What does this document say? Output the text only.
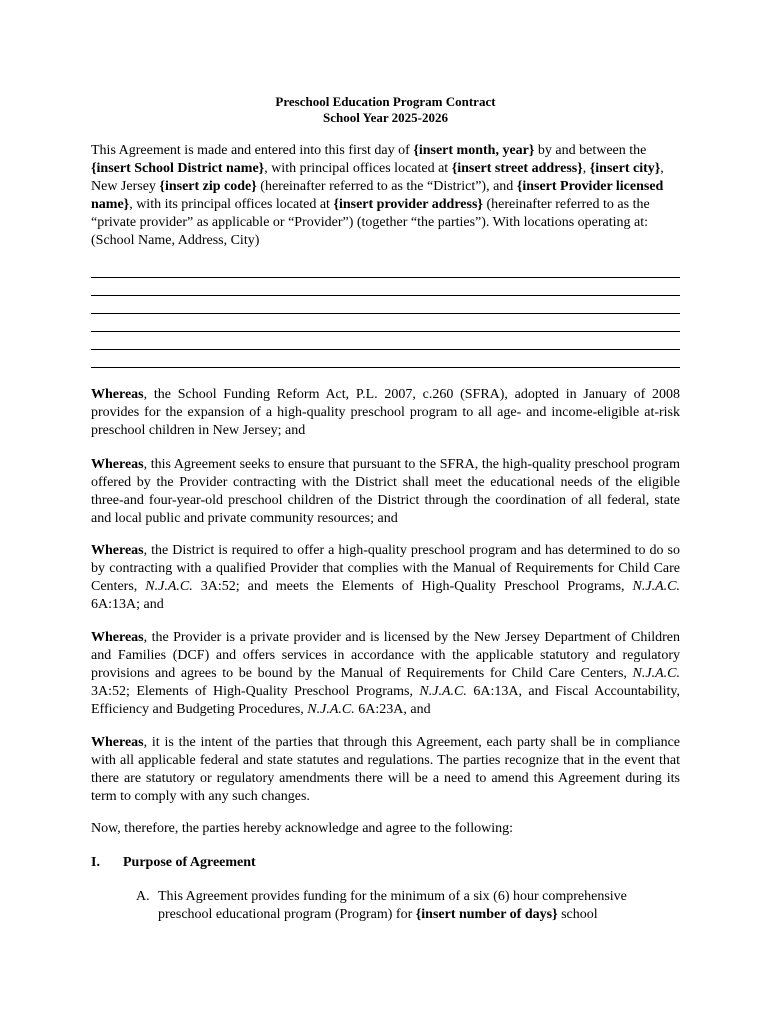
Preschool Education Program Contract
School Year 2025-2026

This Agreement is made and entered into this first day of {insert month, year} by and between the {insert School District name}, with principal offices located at {insert street address}, {insert city}, New Jersey {insert zip code} (hereinafter referred to as the “District”), and {insert Provider licensed name}, with its principal offices located at {insert provider address} (hereinafter referred to as the “private provider” as applicable or “Provider”) (together “the parties”). With locations operating at: (School Name, Address, City)

Whereas, the School Funding Reform Act, P.L. 2007, c.260 (SFRA), adopted in January of 2008 provides for the expansion of a high-quality preschool program to all age- and income-eligible at-risk preschool children in New Jersey; and

Whereas, this Agreement seeks to ensure that pursuant to the SFRA, the high-quality preschool program offered by the Provider contracting with the District shall meet the educational needs of the eligible three-and four-year-old preschool children of the District through the coordination of all federal, state and local public and private community resources; and

Whereas, the District is required to offer a high-quality preschool program and has determined to do so by contracting with a qualified Provider that complies with the Manual of Requirements for Child Care Centers, N.J.A.C. 3A:52; and meets the Elements of High-Quality Preschool Programs, N.J.A.C. 6A:13A; and

Whereas, the Provider is a private provider and is licensed by the New Jersey Department of Children and Families (DCF) and offers services in accordance with the applicable statutory and regulatory provisions and agrees to be bound by the Manual of Requirements for Child Care Centers, N.J.A.C. 3A:52; Elements of High-Quality Preschool Programs, N.J.A.C. 6A:13A, and Fiscal Accountability, Efficiency and Budgeting Procedures, N.J.A.C. 6A:23A, and

Whereas, it is the intent of the parties that through this Agreement, each party shall be in compliance with all applicable federal and state statutes and regulations. The parties recognize that in the event that there are statutory or regulatory amendments there will be a need to amend this Agreement during its term to comply with any such changes.

Now, therefore, the parties hereby acknowledge and agree to the following:

I. Purpose of Agreement
A. This Agreement provides funding for the minimum of a six (6) hour comprehensive preschool educational program (Program) for {insert number of days} school
